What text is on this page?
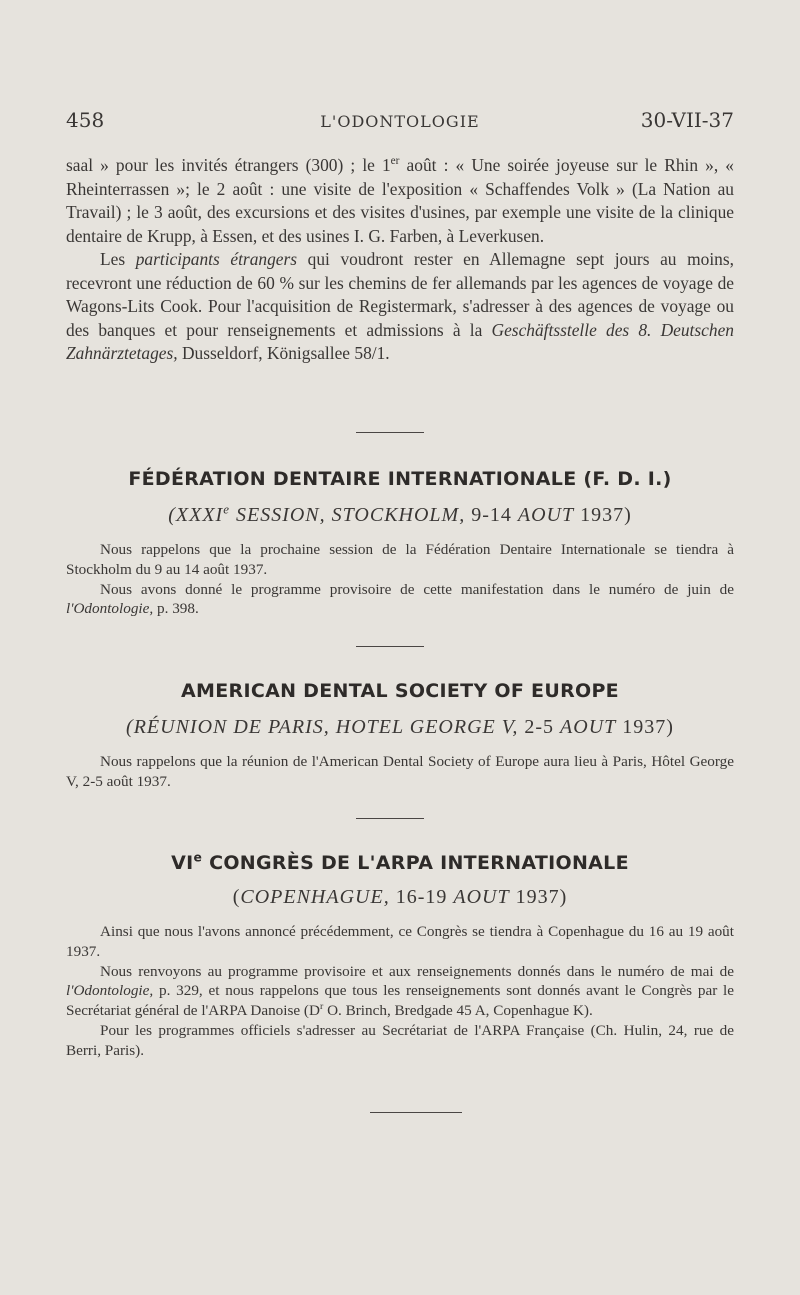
458	L'ODONTOLOGIE	30-VII-37

saal » pour les invités étrangers (300) ; le 1er août : « Une soirée joyeuse sur le Rhin », « Rheinterrassen »; le 2 août : une visite de l'exposition « Schaffendes Volk » (La Nation au Travail) ; le 3 août, des excursions et des visites d'usines, par exemple une visite de la clinique dentaire de Krupp, à Essen, et des usines I. G. Farben, à Leverkusen.

Les participants étrangers qui voudront rester en Allemagne sept jours au moins, recevront une réduction de 60 % sur les chemins de fer allemands par les agences de voyage de Wagons-Lits Cook. Pour l'acquisition de Registermark, s'adresser à des agences de voyage ou des banques et pour renseignements et admissions à la Geschäftsstelle des 8. Deutschen Zahnärztetages, Dusseldorf, Königsallee 58/1.

FÉDÉRATION DENTAIRE INTERNATIONALE (F. D. I.)
(XXXIe SESSION, STOCKHOLM, 9-14 AOUT 1937)

Nous rappelons que la prochaine session de la Fédération Dentaire Internationale se tiendra à Stockholm du 9 au 14 août 1937.

Nous avons donné le programme provisoire de cette manifestation dans le numéro de juin de l'Odontologie, p. 398.

AMERICAN DENTAL SOCIETY OF EUROPE
(RÉUNION DE PARIS, HOTEL GEORGE V, 2-5 AOUT 1937)

Nous rappelons que la réunion de l'American Dental Society of Europe aura lieu à Paris, Hôtel George V, 2-5 août 1937.

VIe CONGRÈS DE L'ARPA INTERNATIONALE
(COPENHAGUE, 16-19 AOUT 1937)

Ainsi que nous l'avons annoncé précédemment, ce Congrès se tiendra à Copenhague du 16 au 19 août 1937.

Nous renvoyons au programme provisoire et aux renseignements donnés dans le numéro de mai de l'Odontologie, p. 329, et nous rappelons que tous les renseignements sont donnés avant le Congrès par le Secrétariat général de l'ARPA Danoise ($D^r$ O. Brinch, Bredgade 45 A, Copenhague K).

Pour les programmes officiels s'adresser au Secrétariat de l'ARPA Française (Ch. Hulin, 24, rue de Berri, Paris).
